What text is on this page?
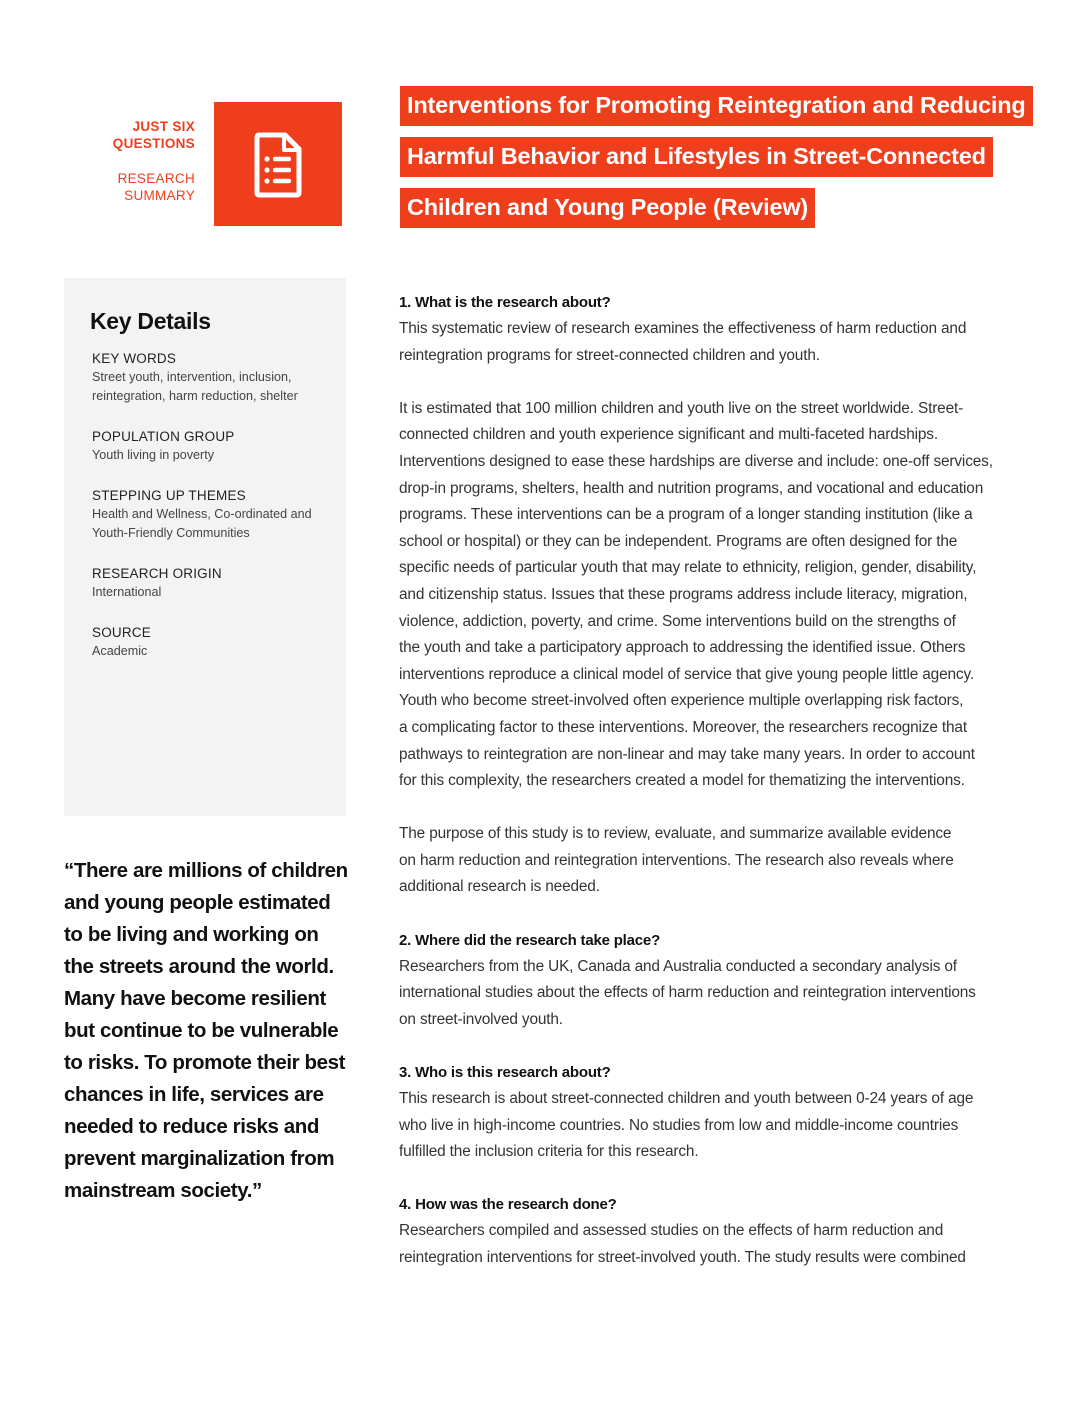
JUST SIX
QUESTIONS
RESEARCH
SUMMARY
Interventions for Promoting Reintegration and Reducing
Harmful Behavior and Lifestyles in Street-Connected
Children and Young People (Review)
Key Details
KEY WORDS
Street youth, intervention, inclusion,
reintegration, harm reduction, shelter
POPULATION GROUP
Youth living in poverty
STEPPING UP THEMES
Health and Wellness, Co-ordinated and
Youth-Friendly Communities
RESEARCH ORIGIN
International
SOURCE
Academic
“There are millions of children
and young people estimated
to be living and working on
the streets around the world.
Many have become resilient
but continue to be vulnerable
to risks. To promote their best
chances in life, services are
needed to reduce risks and
prevent marginalization from
mainstream society.”
1. What is the research about?

This systematic review of research examines the effectiveness of harm reduction and

reintegration programs for street-connected children and youth.

It is estimated that 100 million children and youth live on the street worldwide. Street-

connected children and youth experience significant and multi-faceted hardships.

Interventions designed to ease these hardships are diverse and include: one-off services,

drop-in programs, shelters, health and nutrition programs, and vocational and education

programs. These interventions can be a program of a longer standing institution (like a

school or hospital) or they can be independent. Programs are often designed for the

specific needs of particular youth that may relate to ethnicity, religion, gender, disability,

and citizenship status. Issues that these programs address include literacy, migration,

violence, addiction, poverty, and crime. Some interventions build on the strengths of

the youth and take a participatory approach to addressing the identified issue. Others

interventions reproduce a clinical model of service that give young people little agency.

Youth who become street-involved often experience multiple overlapping risk factors,

a complicating factor to these interventions. Moreover, the researchers recognize that

pathways to reintegration are non-linear and may take many years. In order to account

for this complexity, the researchers created a model for thematizing the interventions.

The purpose of this study is to review, evaluate, and summarize available evidence

on harm reduction and reintegration interventions. The research also reveals where

additional research is needed.

2. Where did the research take place?

Researchers from the UK, Canada and Australia conducted a secondary analysis of

international studies about the effects of harm reduction and reintegration interventions

on street-involved youth.

3. Who is this research about?

This research is about street-connected children and youth between 0-24 years of age

who live in high-income countries. No studies from low and middle-income countries

fulfilled the inclusion criteria for this research.

4. How was the research done?

Researchers compiled and assessed studies on the effects of harm reduction and

reintegration interventions for street-involved youth. The study results were combined
